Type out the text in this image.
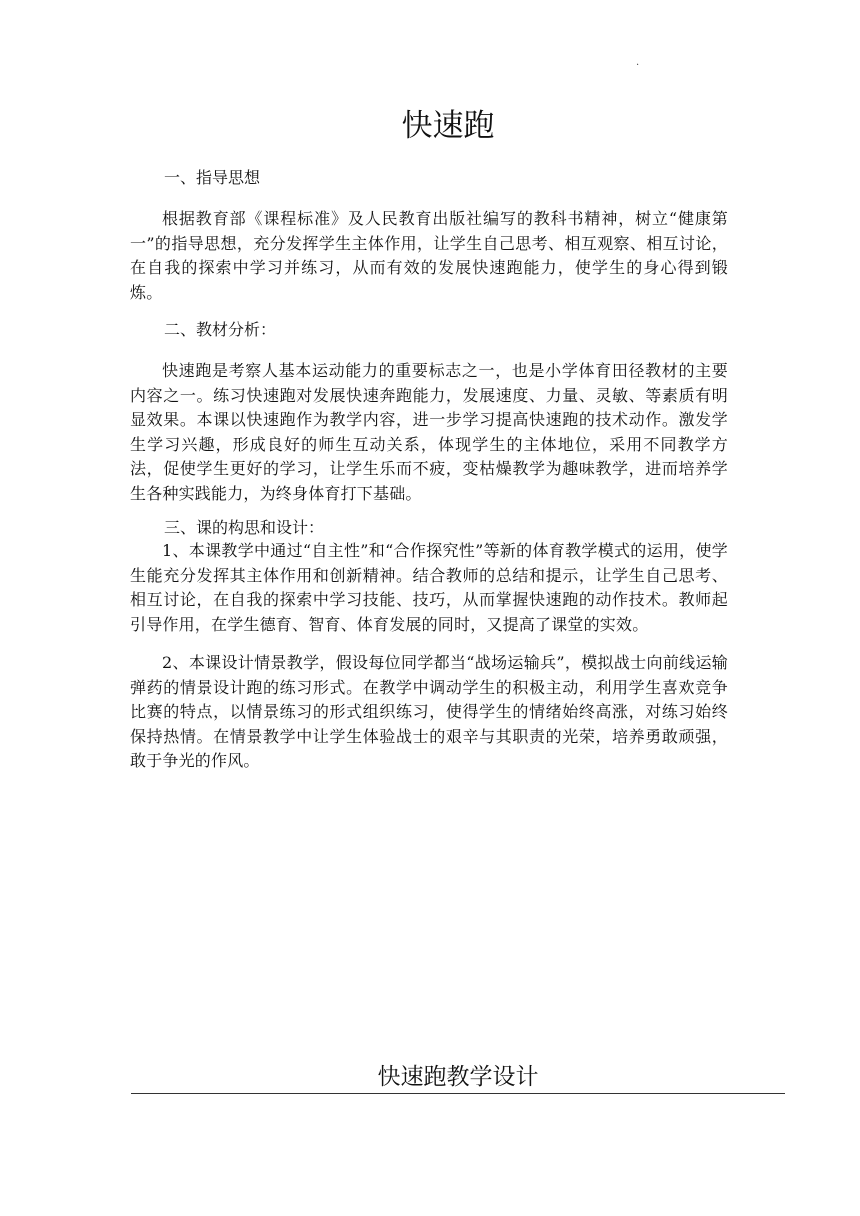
.
快速跑
一、指导思想

根据教育部《课程标准》及人民教育出版社编写的教科书精神，树立“健康第一”的指导思想，充分发挥学生主体作用，让学生自己思考、相互观察、相互讨论，在自我的探索中学习并练习，从而有效的发展快速跑能力，使学生的身心得到锻炼。

二、教材分析：

快速跑是考察人基本运动能力的重要标志之一，也是小学体育田径教材的主要内容之一。练习快速跑对发展快速奔跑能力，发展速度、力量、灵敏、等素质有明显效果。本课以快速跑作为教学内容，进一步学习提高快速跑的技术动作。激发学生学习兴趣，形成良好的师生互动关系，体现学生的主体地位，采用不同教学方法，促使学生更好的学习，让学生乐而不疲，变枯燥教学为趣味教学，进而培养学生各种实践能力，为终身体育打下基础。

三、课的构思和设计：

1、本课教学中通过“自主性”和“合作探究性”等新的体育教学模式的运用，使学生能充分发挥其主体作用和创新精神。结合教师的总结和提示，让学生自己思考、相互讨论，在自我的探索中学习技能、技巧，从而掌握快速跑的动作技术。教师起引导作用，在学生德育、智育、体育发展的同时，又提高了课堂的实效。

2、本课设计情景教学，假设每位同学都当“战场运输兵”，模拟战士向前线运输弹药的情景设计跑的练习形式。在教学中调动学生的积极主动，利用学生喜欢竞争比赛的特点，以情景练习的形式组织练习，使得学生的情绪始终高涨，对练习始终保持热情。在情景教学中让学生体验战士的艰辛与其职责的光荣，培养勇敢顽强，敢于争光的作风。

快速跑教学设计
